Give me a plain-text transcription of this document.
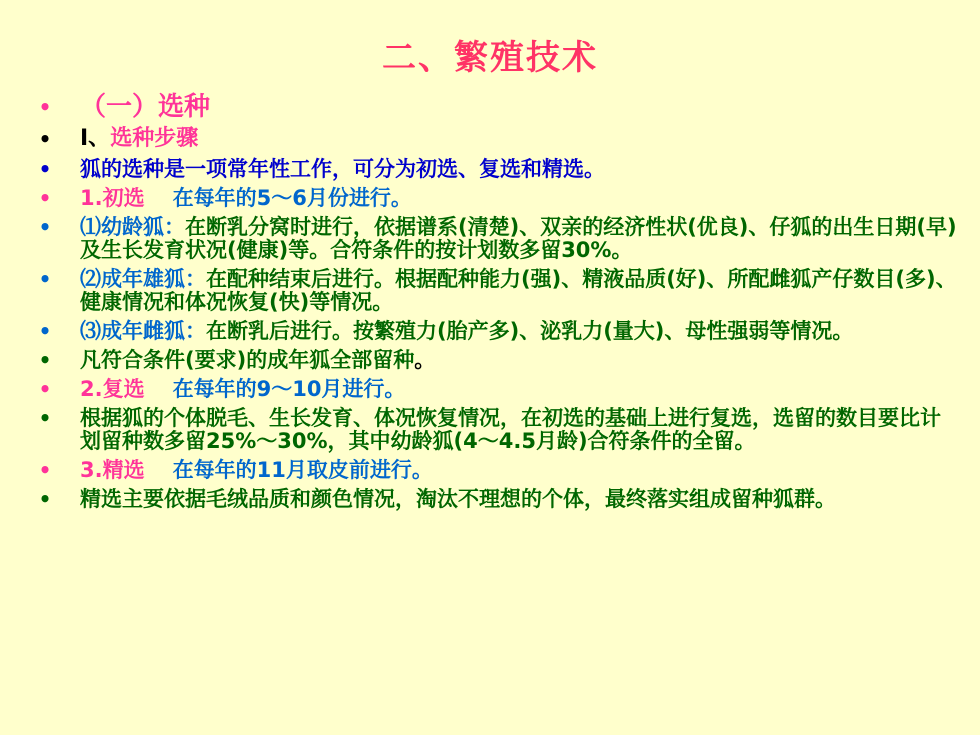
二、繁殖技术
• （一）选种
• Ⅰ、选种步骤
• 狐的选种是一项常年性工作，可分为初选、复选和精选。
• 1.初选 在每年的5～6月份进行。
• ⑴幼龄狐：在断乳分窝时进行，依据谱系(清楚)、双亲的经济性状(优良)、仔狐的出生日期(早)及生长发育状况(健康)等。合符条件的按计划数多留30%。
• ⑵成年雄狐：在配种结束后进行。根据配种能力(强)、精液品质(好)、所配雌狐产仔数目(多)、健康情况和体况恢复(快)等情况。
• ⑶成年雌狐：在断乳后进行。按繁殖力(胎产多)、泌乳力(量大)、母性强弱等情况。
• 凡符合条件(要求)的成年狐全部留种。
• 2.复选 在每年的9～10月进行。
• 根据狐的个体脱毛、生长发育、体况恢复情况，在初选的基础上进行复选，选留的数目要比计划留种数多留25%～30%，其中幼龄狐(4～4.5月龄)合符条件的全留。
• 3.精选 在每年的11月取皮前进行。
• 精选主要依据毛绒品质和颜色情况，淘汰不理想的个体，最终落实组成留种狐群。
